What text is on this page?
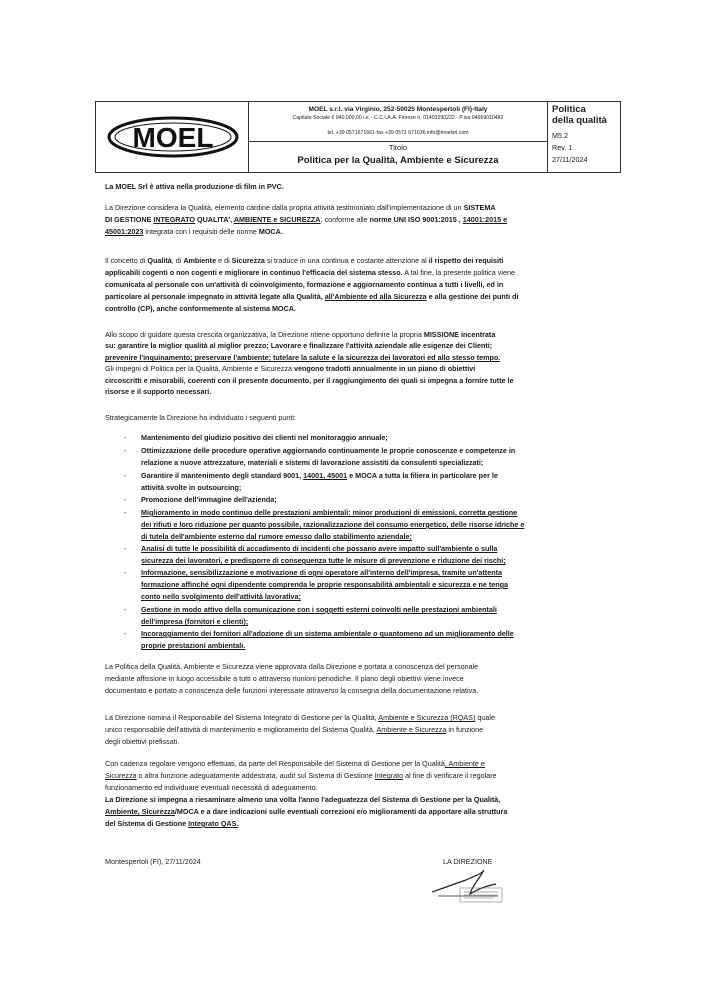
MOEL
MOEL s.r.l. via Virginio, 252-50025 Montespertoli (FI)-Italy
Capitale Sociale € 940.000,00 i.v. - C.C.I.A.A. Firenze n. 01403290222 - P.iva 04669010482
tel. +39 0571671661-fax +39 0571 671636 info@moelsrl.com
Titolo
Politica per la Qualità, Ambiente e Sicurezza
Politica
della qualità
M5.2
Rev. 1
27/11/2024
La MOEL Srl è attiva nella produzione di film in PVC.
La Direzione considera la Qualità, elemento cardine dalla propria attività testimoniato dall'implementazione di un SISTEMA
DI GESTIONE INTEGRATO QUALITA', AMBIENTE e SICUREZZA, conforme alle norme UNI ISO 9001:2015 , 14001:2015 e
45001:2023 integrata con i requisiti delle norme MOCA.
Il concetto di Qualità, di Ambiente e di Sicurezza si traduce in una continua e costante attenzione al il rispetto dei requisiti
applicabili cogenti o non cogenti e migliorare in continuo l'efficacia del sistema stesso. A tal fine, la presente politica viene
comunicata al personale con un'attività di coinvolgimento, formazione e aggiornamento continua a tutti i livelli, ed in
particolare al personale impegnato in attività legate alla Qualità, all'Ambiente ed alla Sicurezza e alla gestione dei punti di
controllo (CP), anche conformemente al sistema MOCA.
Allo scopo di guidare questa crescita organizzativa, la Direzione ritiene opportuno definire la propria MISSIONE incentrata
su: garantire la miglior qualità al miglior prezzo; Lavorare e finalizzare l'attività aziendale alle esigenze dei Clienti;
prevenire l'inquinamento; preservare l'ambiente; tutelare la salute e la sicurezza dei lavoratori ed allo stesso tempo.
Gli impegni di Politica per la Qualità, Ambiente e Sicurezza vengono tradotti annualmente in un piano di obiettivi
circoscritti e misurabili, coerenti con il presente documento, per il raggiungimento dei quali si impegna a fornire tutte le
risorse e il supporto necessari.
Strategicamente la Direzione ha individuato i seguenti punti:
- Mantenimento del giudizio positivo dei clienti nel monitoraggio annuale;
- Ottimizzazione delle procedure operative aggiornando continuamente le proprie conoscenze e competenze in
relazione a nuove attrezzature, materiali e sistemi di lavorazione assistiti da consulenti specializzati;
- Garantire il mantenimento degli standard 9001, 14001, 45001 e MOCA a tutta la filiera in particolare per le
attività svolte in outsourcing;
- Promozione dell'immagine dell'azienda;
- Miglioramento in modo continuo delle prestazioni ambientali: minor produzioni di emissioni, corretta gestione
dei rifiuti e loro riduzione per quanto possibile, razionalizzazione del consumo energetico, delle risorse idriche e
di tutela dell'ambiente esterno dal rumore emesso dallo stabilimento aziendale;
- Analisi di tutte le possibilità di accadimento di incidenti che possano avere impatto sull'ambiente o sulla
sicurezza dei lavoratori, e predisporre di conseguenza tutte le misure di prevenzione e riduzione dei rischi;
- Informazione, sensibilizzazione e motivazione di ogni operatore all'interno dell'impresa, tramite un'attenta
formazione affinché ogni dipendente comprenda le proprie responsabilità ambientali e sicurezza e ne tenga
conto nello svolgimento dell'attività lavorativa;
- Gestione in modo attivo della comunicazione con i soggetti esterni coinvolti nelle prestazioni ambientali
dell'impresa (fornitori e clienti);
- Incoraggiamento dei fornitori all'adozione di un sistema ambientale o quantomeno ad un miglioramento delle
proprie prestazioni ambientali.
La Politica della Qualità, Ambiente e Sicurezza viene approvata dalla Direzione e portata a conoscenza del personale
mediante affissione in luogo accessibile a tutti o attraverso riunioni periodiche. Il piano degli obiettivi viene invece
documentato e portato a conoscenza delle funzioni interessate attraverso la consegna della documentazione relativa.
La Direzione nomina il Responsabile del Sistema Integrato di Gestione per la Qualità, Ambiente e Sicurezza (RQAS) quale
unico responsabile dell'attività di mantenimento e miglioramento del Sistema Qualità, Ambiente e Sicurezza in funzione
degli obiettivi prefissati.
Con cadenza regolare vengono effettuati, da parte del Responsabile del Sistema di Gestione per la Qualità, Ambiente e
Sicurezza o altra funzione adeguatamente addestrata, audit sul Sistema di Gestione Integrato al fine di verificare il regolare
funzionamento ed individuare eventuali necessità di adeguamento.
La Direzione si impegna a riesaminare almeno una volta l'anno l'adeguatezza del Sistema di Gestione per la Qualità,
Ambiente, Sicurezza/MOCA e a dare indicazioni sulle eventuali correzioni e/o miglioramenti da apportare alla struttura
del Sistema di Gestione Integrato QAS.
Montespertoli (FI), 27/11/2024	LA DIREZIONE
